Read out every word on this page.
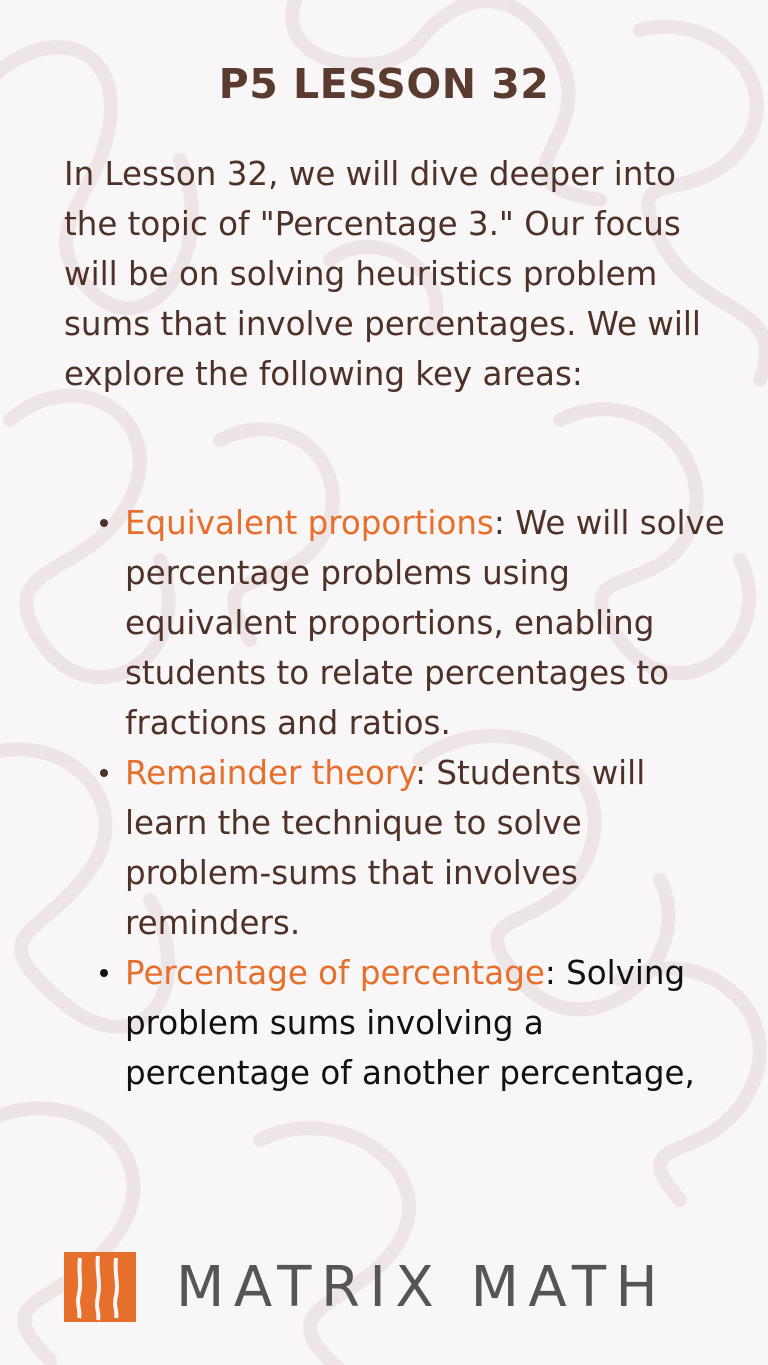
P5 LESSON 32

In Lesson 32, we will dive deeper into the topic of "Percentage 3." Our focus will be on solving heuristics problem sums that involve percentages. We will explore the following key areas:

Equivalent proportions: We will solve percentage problems using equivalent proportions, enabling students to relate percentages to fractions and ratios.
Remainder theory: Students will learn the technique to solve problem-sums that involves reminders.
Percentage of percentage: Solving problem sums involving a percentage of another percentage,
MATRIX MATH
